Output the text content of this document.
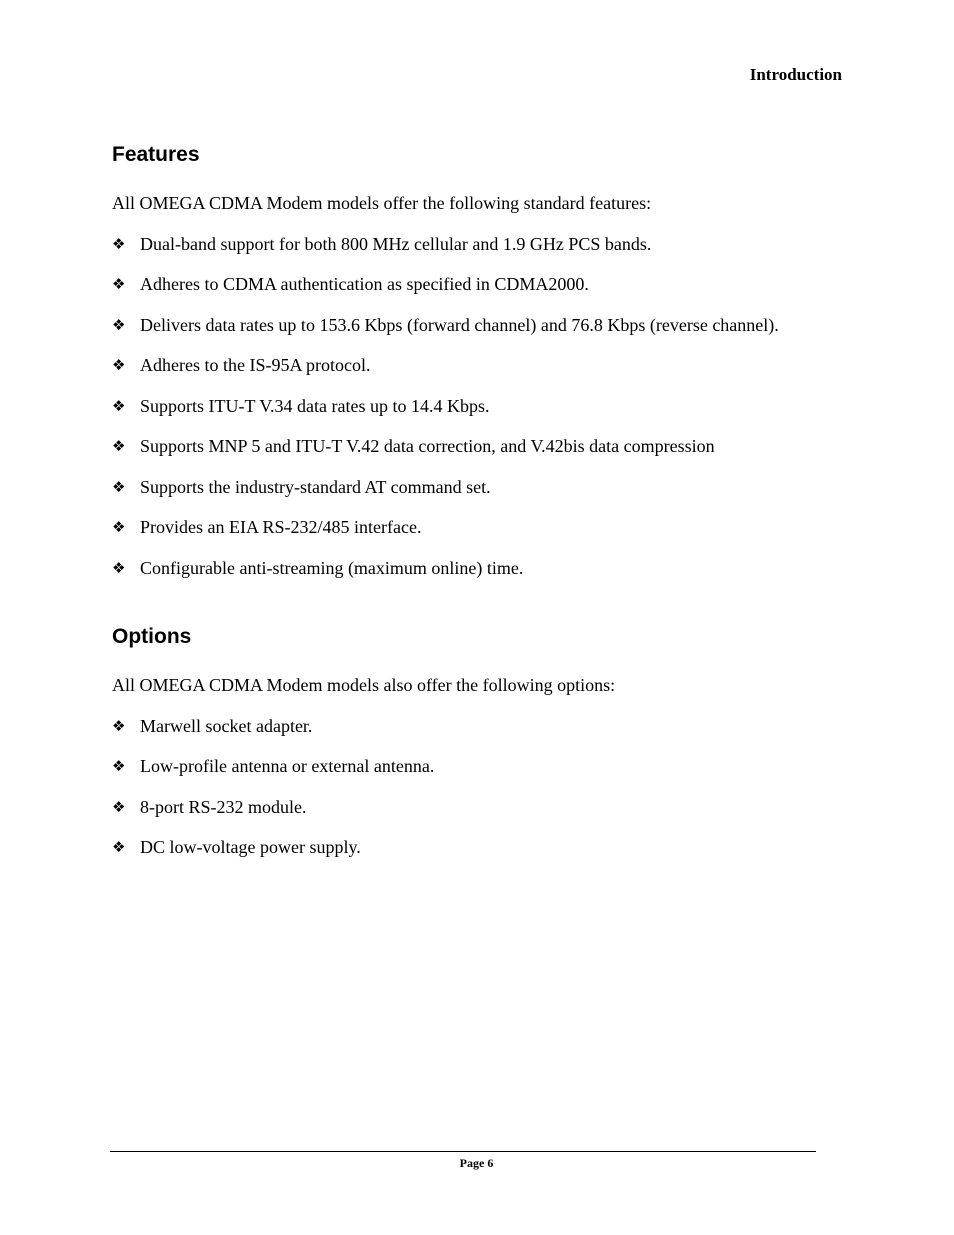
Introduction
Features

All OMEGA CDMA Modem models offer the following standard features:

❖ Dual-band support for both 800 MHz cellular and 1.9 GHz PCS bands.
❖ Adheres to CDMA authentication as specified in CDMA2000.
❖ Delivers data rates up to 153.6 Kbps (forward channel) and 76.8 Kbps (reverse channel).
❖ Adheres to the IS-95A protocol.
❖ Supports ITU-T V.34 data rates up to 14.4 Kbps.
❖ Supports MNP 5 and ITU-T V.42 data correction, and V.42bis data compression
❖ Supports the industry-standard AT command set.
❖ Provides an EIA RS-232/485 interface.
❖ Configurable anti-streaming (maximum online) time.
Options

All OMEGA CDMA Modem models also offer the following options:

❖ Marwell socket adapter.
❖ Low-profile antenna or external antenna.
❖ 8-port RS-232 module.
❖ DC low-voltage power supply.
Page 6
